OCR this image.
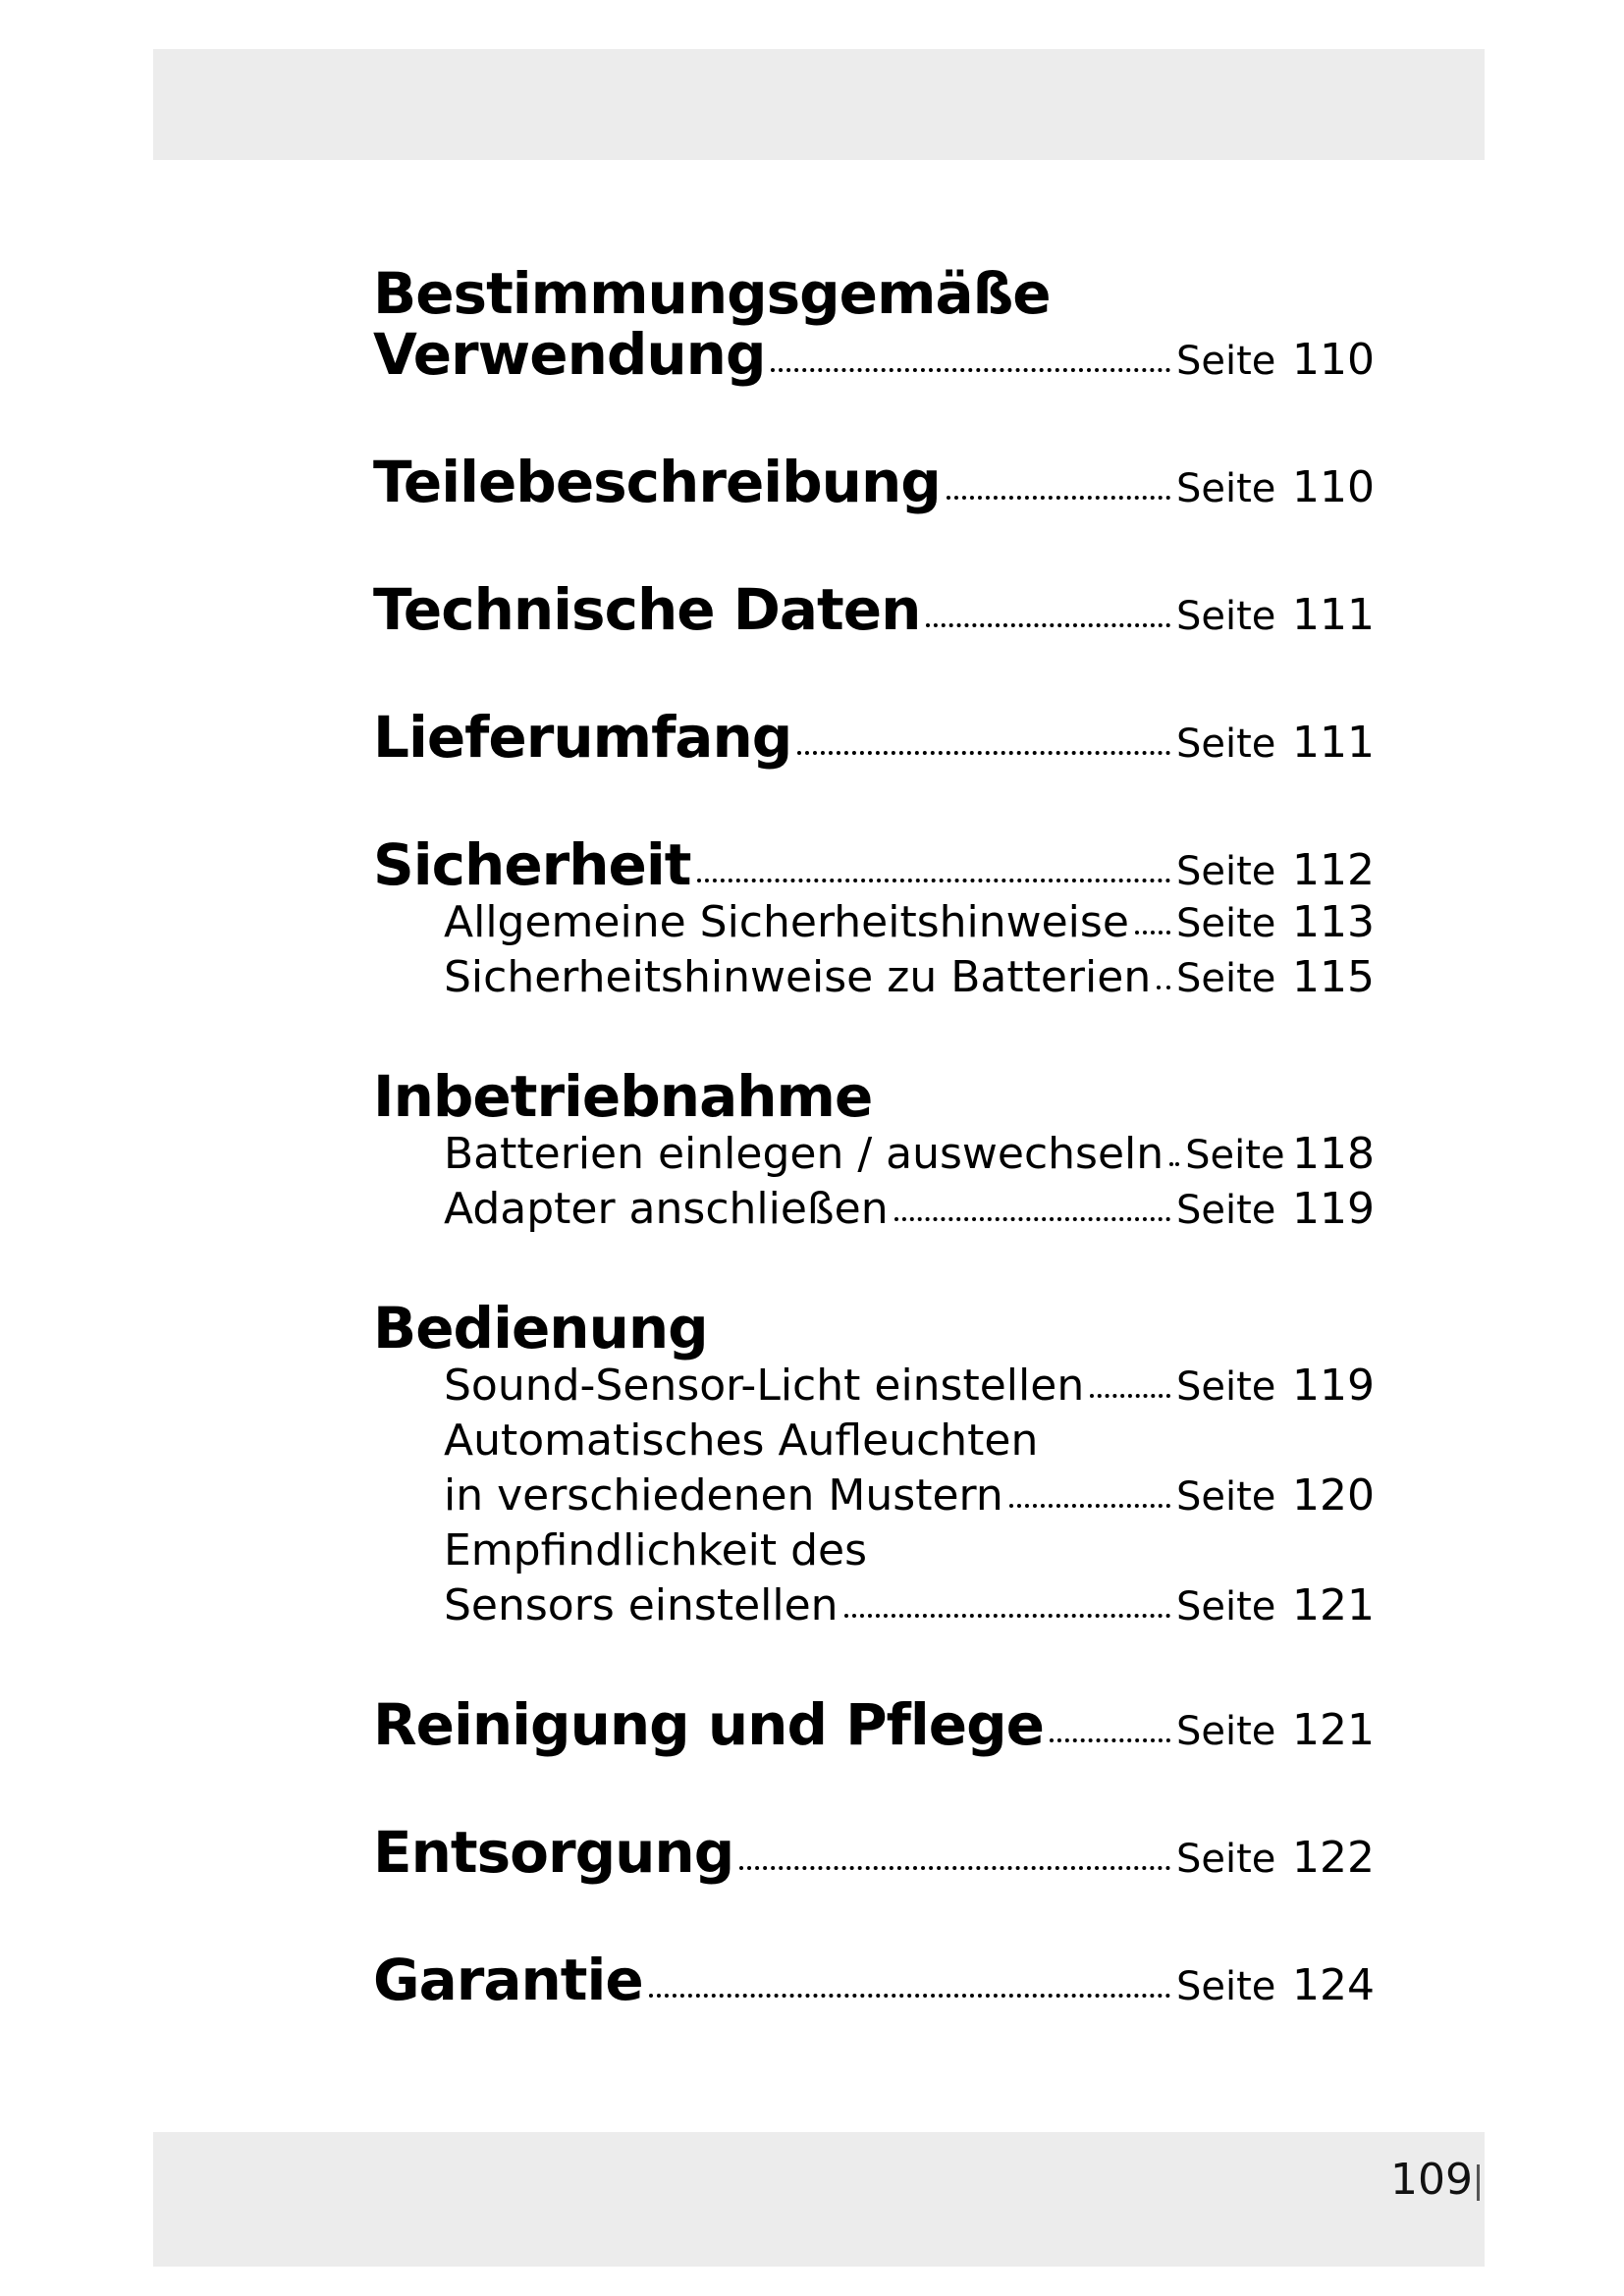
Bestimmungsgemäße
Verwendung	Seite 110
Teilebeschreibung	Seite 110
Technische Daten	Seite 111
Lieferumfang	Seite 111
Sicherheit	Seite 112
Allgemeine Sicherheitshinweise Seite 113
Sicherheitshinweise zu Batterien Seite 115
Inbetriebnahme
Batterien einlegen / auswechseln Seite 118
Adapter anschließen	Seite 119
Bedienung
Sound-Sensor-Licht einstellen Seite 119
Automatisches Aufleuchten
in verschiedenen Mustern	Seite 120
Empfindlichkeit des
Sensors einstellen	Seite 121
Reinigung und Pflege	Seite 121
Entsorgung	Seite 122
Garantie	Seite 124
109
